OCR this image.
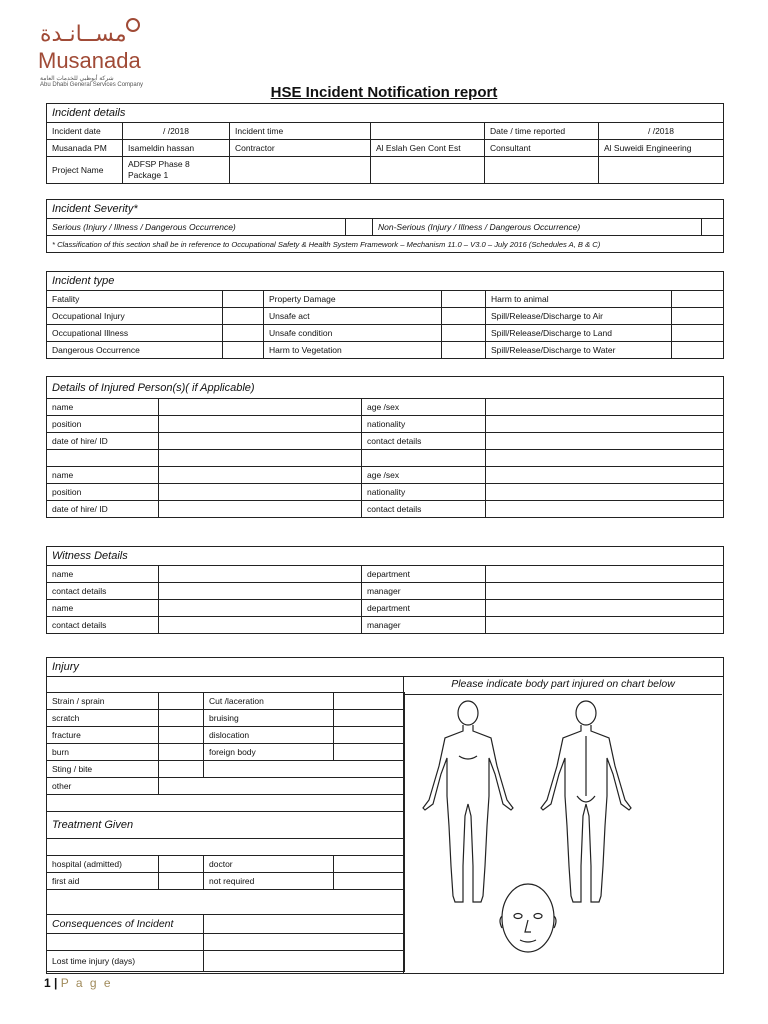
مســانـدة
Musanada
شركة أبوظبي للخدمات العامة
Abu Dhabi General Services Company	HSE Incident Notification report
Incident details					
Incident date	/ /2018	Incident time		Date / time reported	/ /2018
Musanada PM	Isameldin hassan	Contractor	Al Eslah Gen Cont Est	Consultant	Al Suweidi Engineering
Project Name	ADFSP Phase 8
Package 1				
Incident Severity*
Serious (Injury / Illness / Dangerous Occurrence)		Non-Serious (Injury / Illness / Dangerous Occurrence)	
* Classification of this section shall be in reference to Occupational Safety & Health System Framework – Mechanism 11.0 – V3.0 – July 2016 (Schedules A, B & C)
Incident type					
Fatality		Property Damage		Harm to animal	
Occupational Injury		Unsafe act		Spill/Release/Discharge to Air	
Occupational Illness		Unsafe condition		Spill/Release/Discharge to Land	
Dangerous Occurrence		Harm to Vegetation		Spill/Release/Discharge to Water	
Details of Injured Person(s)( if Applicable)			
name		age /sex	
position		nationality	
date of hire/ ID		contact details	

name		age /sex	
position		nationality	
date of hire/ ID		contact details	
Witness Details			
name		department	
contact details		manager	
name		department	
contact details		manager	
Injury
Please indicate body part injured on chart below
Strain / sprain		Cut /laceration	
scratch		bruising	
fracture		dislocation	
burn		foreign body	
Sting / bite			
other			

Treatment Given			

hospital (admitted)		doctor	
first aid		not required	

Consequences of Incident			

Lost time injury (days)			
1 | P a g e
